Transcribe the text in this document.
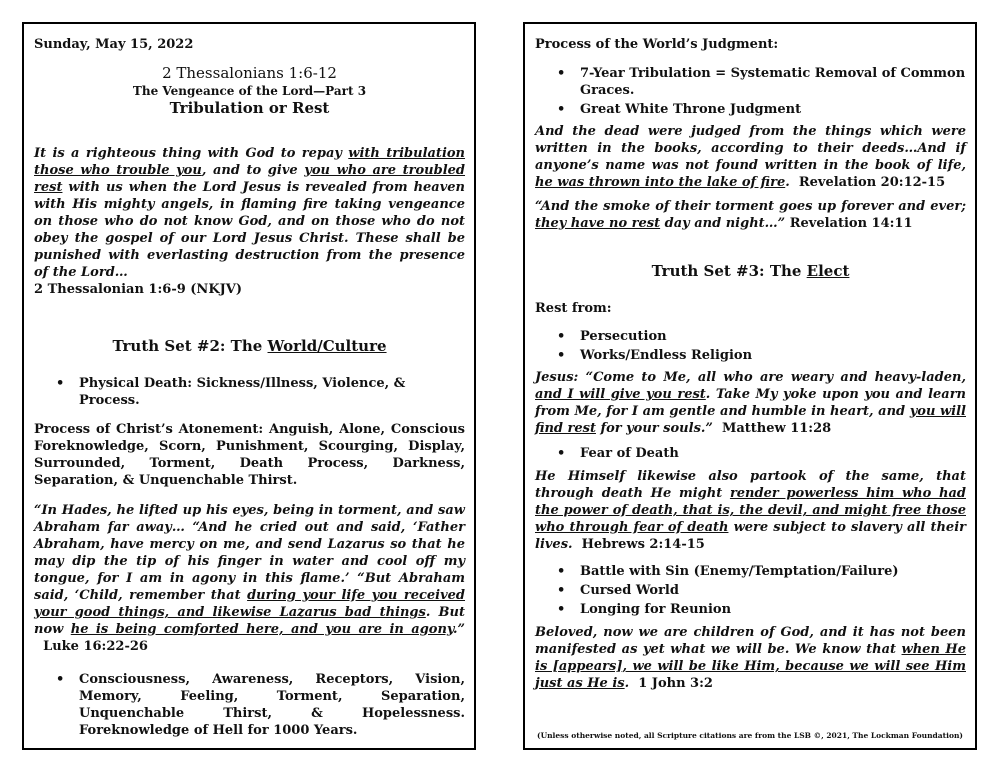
Sunday, May 15, 2022
2 Thessalonians 1:6-12
The Vengeance of the Lord—Part 3
Tribulation or Rest

It is a righteous thing with God to repay with tribulation those who trouble you, and to give you who are troubled rest with us when the Lord Jesus is revealed from heaven with His mighty angels, in flaming fire taking vengeance on those who do not know God, and on those who do not obey the gospel of our Lord Jesus Christ. These shall be punished with everlasting destruction from the presence of the Lord…

2 Thessalonian 1:6-9 (NKJV)
Truth Set #2: The World/Culture
• Physical Death: Sickness/Illness, Violence, & Process.

Process of Christ’s Atonement: Anguish, Alone, Conscious Foreknowledge, Scorn, Punishment, Scourging, Display, Surrounded, Torment, Death Process, Darkness, Separation, & Unquenchable Thirst.

“In Hades, he lifted up his eyes, being in torment, and saw Abraham far away… “And he cried out and said, ‘Father Abraham, have mercy on me, and send Lazarus so that he may dip the tip of his finger in water and cool off my tongue, for I am in agony in this flame.’ “But Abraham said, ‘Child, remember that during your life you received your good things, and likewise Lazarus bad things. But now he is being comforted here, and you are in agony.”   Luke 16:22-26

• Consciousness, Awareness, Receptors, Vision, Memory, Feeling, Torment, Separation, Unquenchable Thirst, & Hopelessness. Foreknowledge of Hell for 1000 Years.
Process of the World’s Judgment:
• 7-Year Tribulation = Systematic Removal of Common Graces.
• Great White Throne Judgment

And the dead were judged from the things which were written in the books, according to their deeds…And if anyone’s name was not found written in the book of life, he was thrown into the lake of fire. Revelation 20:12-15

“And the smoke of their torment goes up forever and ever; they have no rest day and night…” Revelation 14:11

Truth Set #3: The Elect
Rest from:
• Persecution
• Works/Endless Religion

Jesus: “Come to Me, all who are weary and heavy-laden, and I will give you rest. Take My yoke upon you and learn from Me, for I am gentle and humble in heart, and you will find rest for your souls.” Matthew 11:28

• Fear of Death

He Himself likewise also partook of the same, that through death He might render powerless him who had the power of death, that is, the devil, and might free those who through fear of death were subject to slavery all their lives. Hebrews 2:14-15

• Battle with Sin (Enemy/Temptation/Failure)
• Cursed World
• Longing for Reunion

Beloved, now we are children of God, and it has not been manifested as yet what we will be. We know that when He is [appears], we will be like Him, because we will see Him just as He is. 1 John 3:2

(Unless otherwise noted, all Scripture citations are from the LSB ©, 2021, The Lockman Foundation)
